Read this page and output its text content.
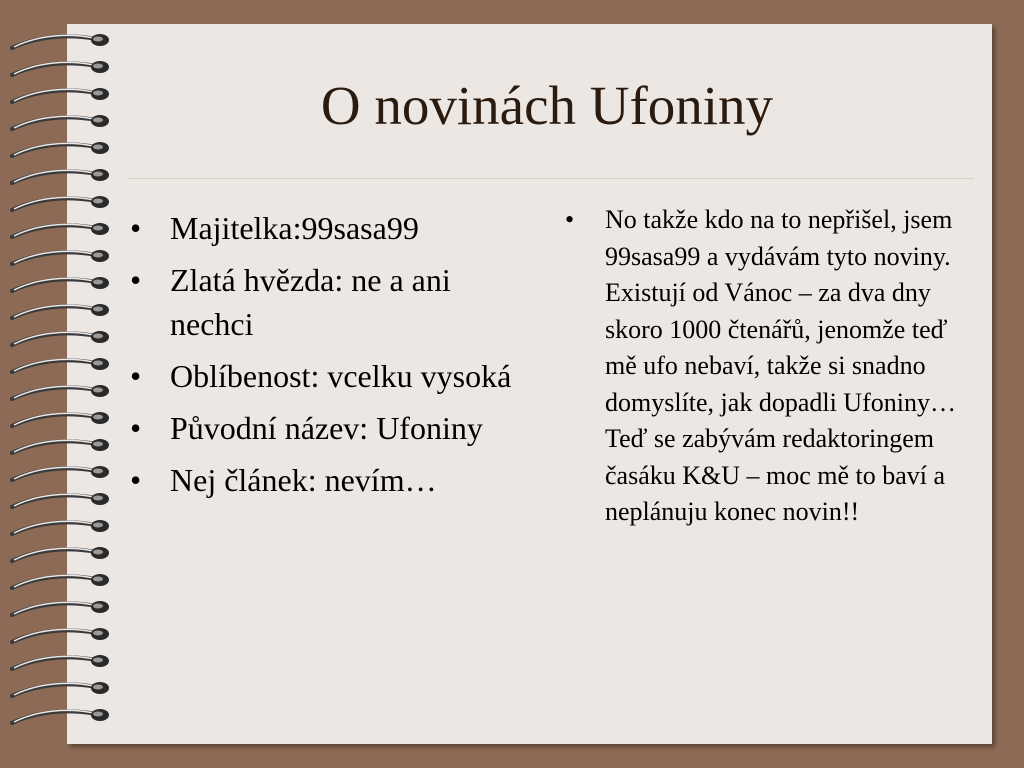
O novinách Ufoniny
• Majitelka:99sasa99
• Zlatá hvězda: ne a ani nechci
• Oblíbenost: vcelku vysoká
• Původní název: Ufoniny
• Nej článek: nevím…
• No takže kdo na to nepřišel, jsem 99sasa99 a vydávám tyto noviny. Existují od Vánoc – za dva dny skoro 1000 čtenářů, jenomže teď mě ufo nebaví, takže si snadno domyslíte, jak dopadli Ufoniny… Teď se zabývám redaktoringem časáku K&U – moc mě to baví a neplánuju konec novin!!
